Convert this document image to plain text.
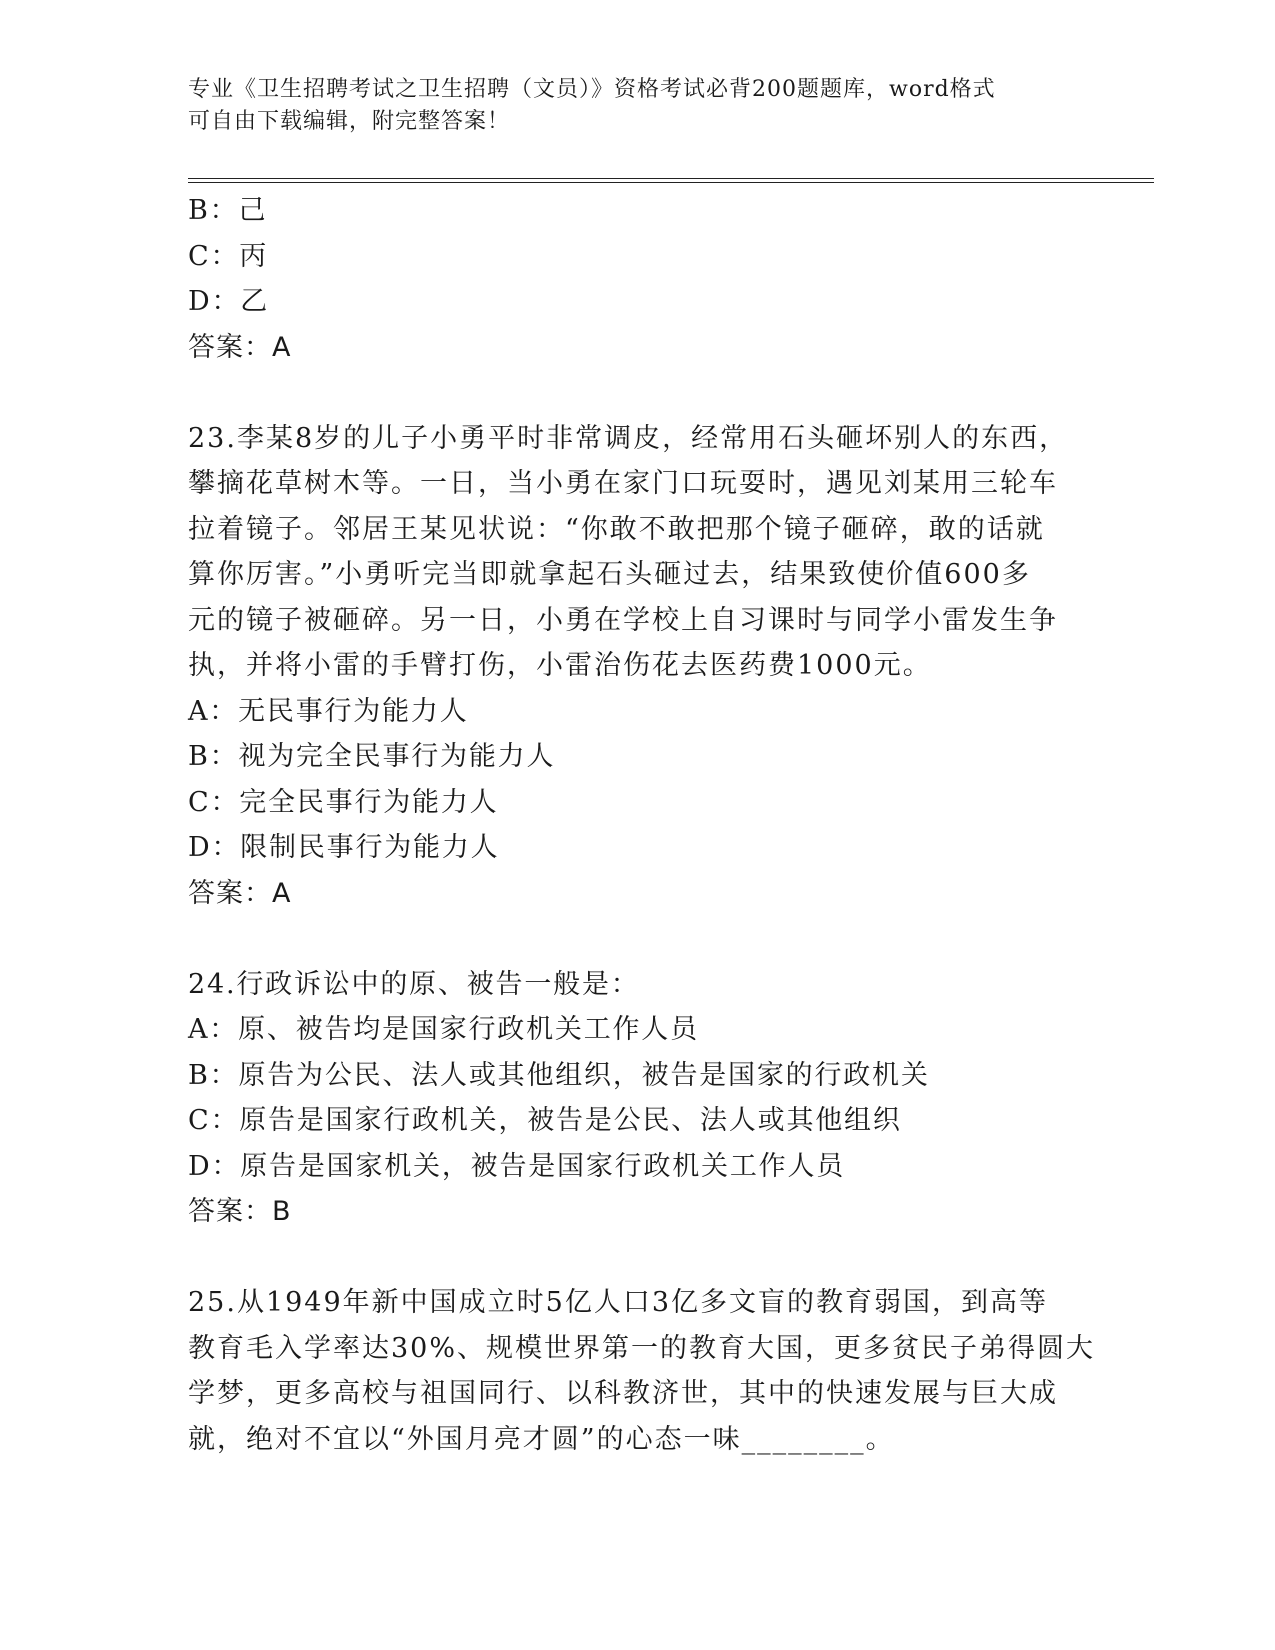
专业《卫生招聘考试之卫生招聘（文员）》资格考试必背200题题库，word格式
可自由下载编辑，附完整答案！
B：己
C：丙
D：乙
答案：A
23.李某8岁的儿子小勇平时非常调皮，经常用石头砸坏别人的东西，
攀摘花草树木等。一日，当小勇在家门口玩耍时，遇见刘某用三轮车
拉着镜子。邻居王某见状说：“你敢不敢把那个镜子砸碎，敢的话就
算你厉害。”小勇听完当即就拿起石头砸过去，结果致使价值600多
元的镜子被砸碎。另一日，小勇在学校上自习课时与同学小雷发生争
执，并将小雷的手臂打伤，小雷治伤花去医药费1000元。
A：无民事行为能力人
B：视为完全民事行为能力人
C：完全民事行为能力人
D：限制民事行为能力人
答案：A
24.行政诉讼中的原、被告一般是：
A：原、被告均是国家行政机关工作人员
B：原告为公民、法人或其他组织，被告是国家的行政机关
C：原告是国家行政机关，被告是公民、法人或其他组织
D：原告是国家机关，被告是国家行政机关工作人员
答案：B
25.从1949年新中国成立时5亿人口3亿多文盲的教育弱国，到高等
教育毛入学率达30%、规模世界第一的教育大国，更多贫民子弟得圆大
学梦，更多高校与祖国同行、以科教济世，其中的快速发展与巨大成
就，绝对不宜以“外国月亮才圆”的心态一味________。
